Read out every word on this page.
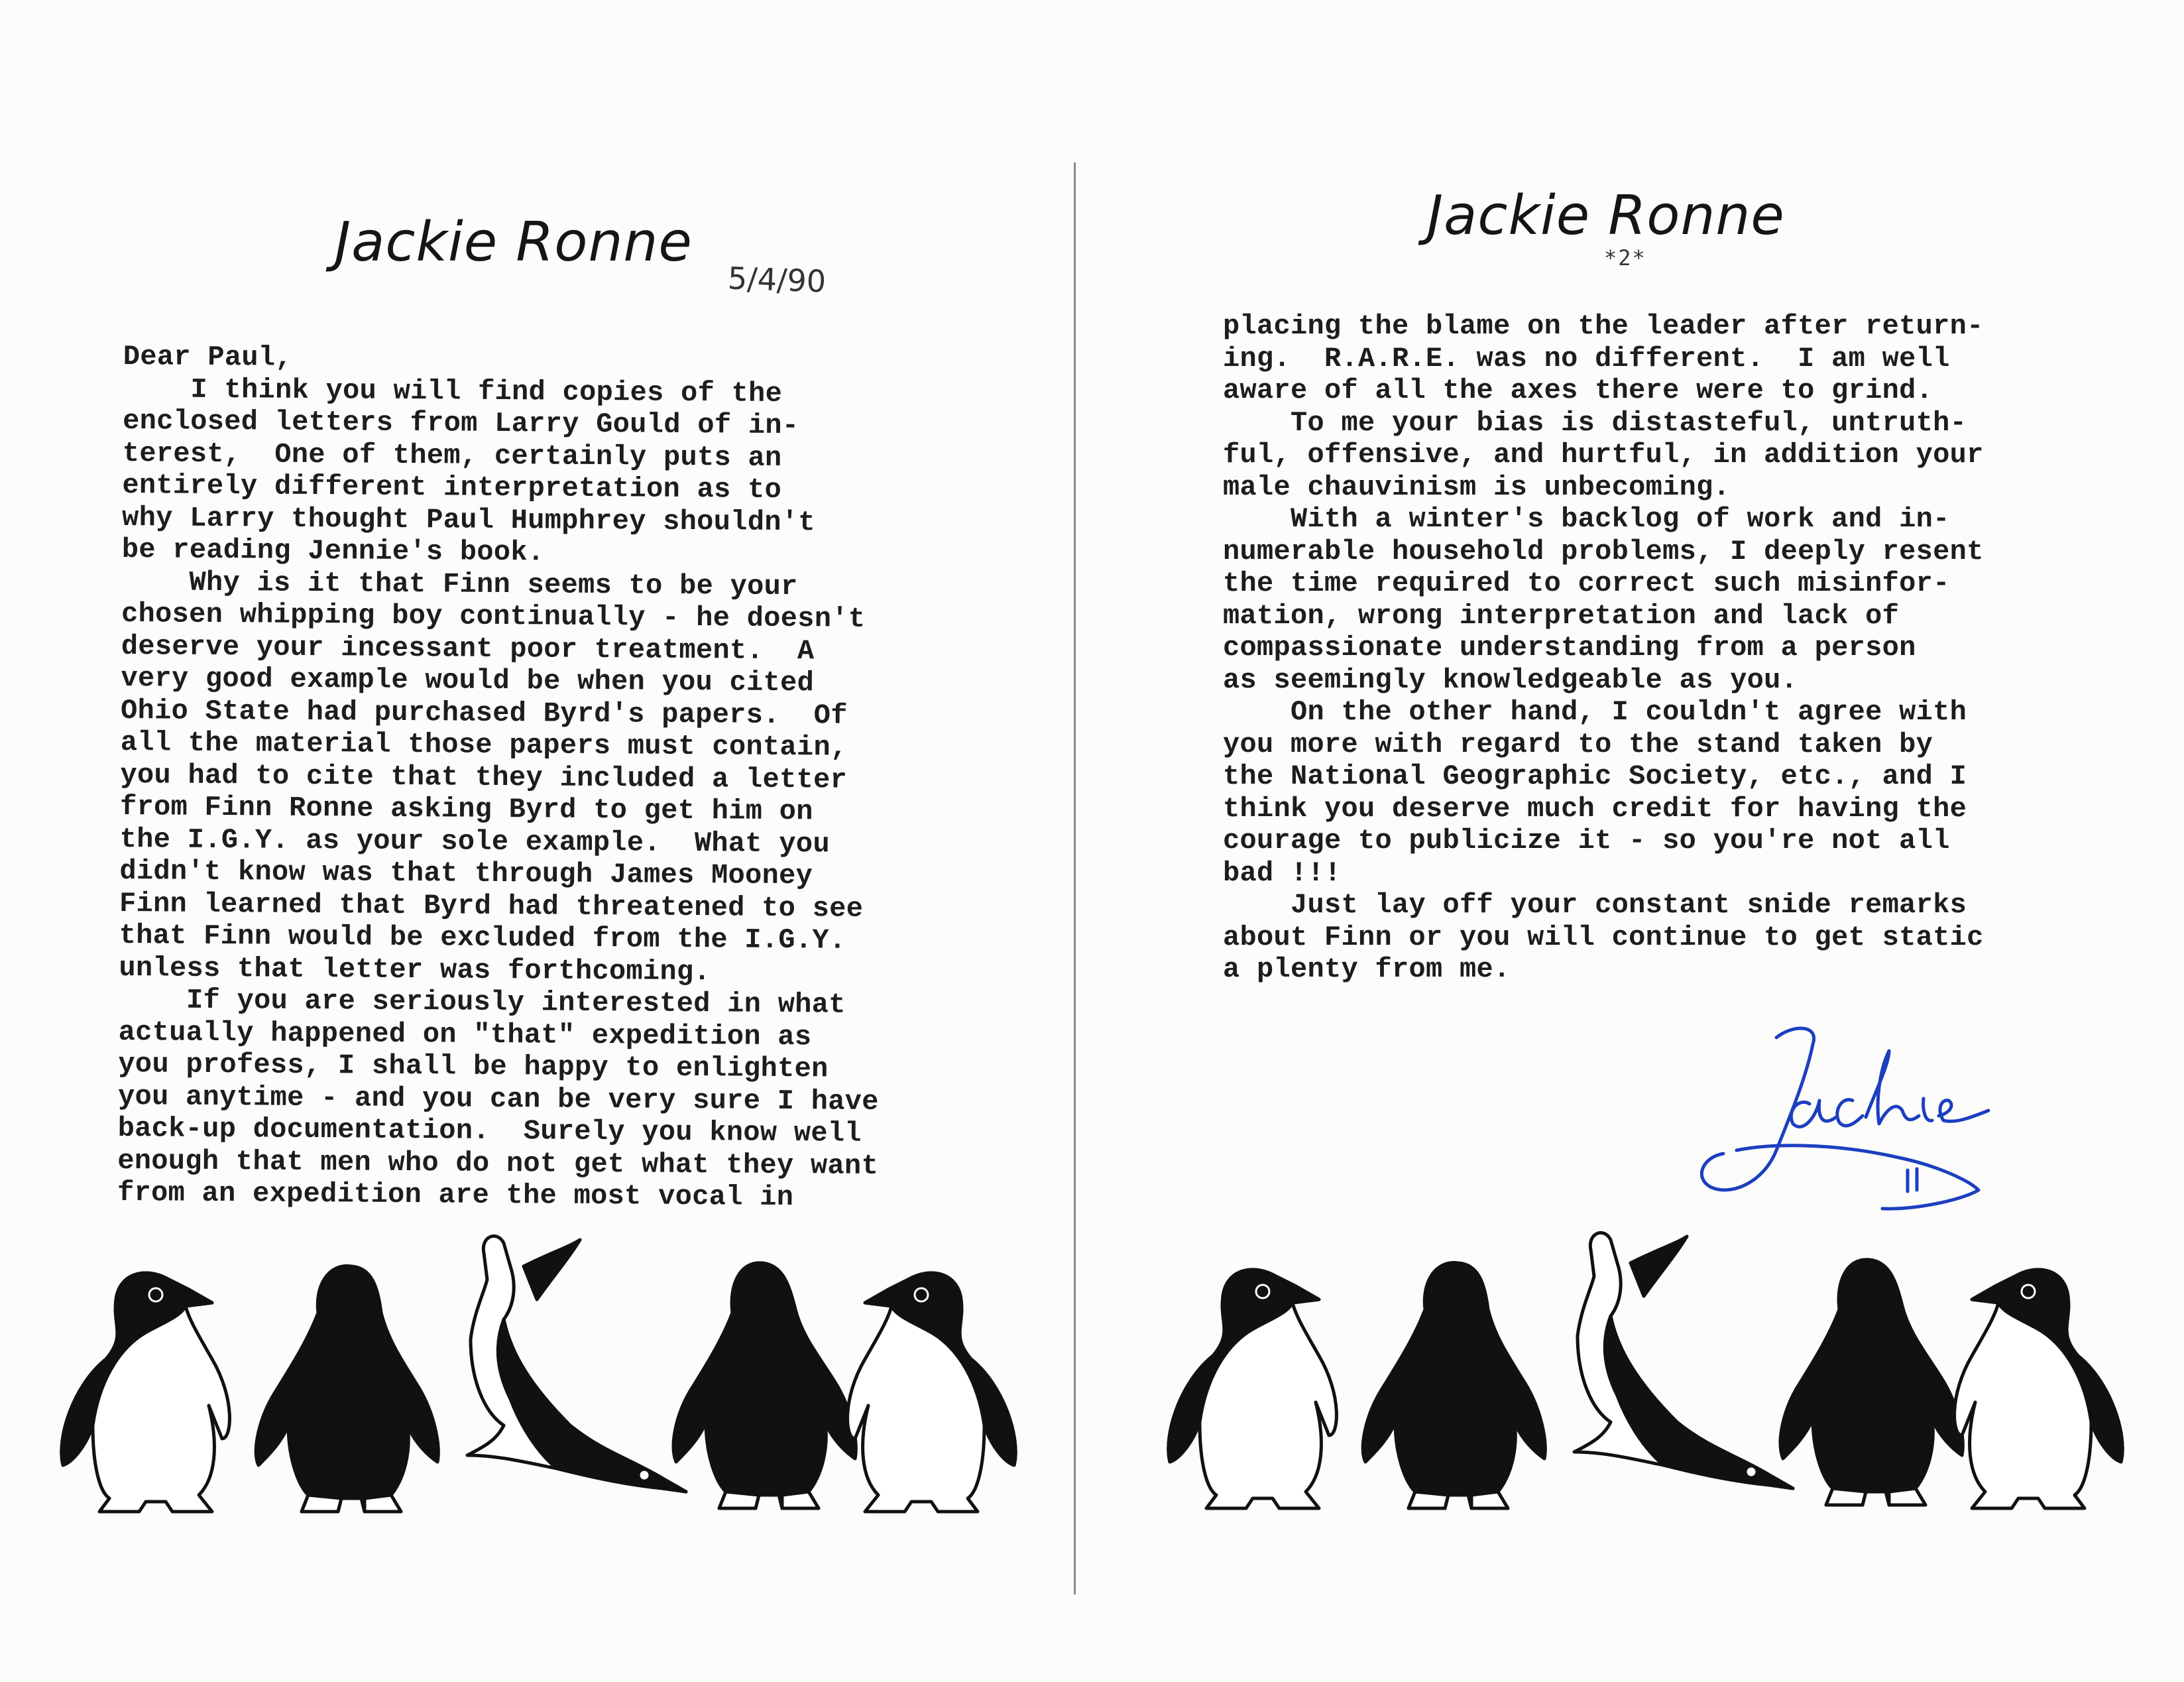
Jackie Ronne
5/4/90
Dear Paul,
I think you will find copies of the
enclosed letters from Larry Gould of in-
terest,  One of them, certainly puts an
entirely different interpretation as to
why Larry thought Paul Humphrey shouldn't
be reading Jennie's book.
Why is it that Finn seems to be your
chosen whipping boy continually - he doesn't
deserve your incessant poor treatment.  A
very good example would be when you cited
Ohio State had purchased Byrd's papers.  Of
all the material those papers must contain,
you had to cite that they included a letter
from Finn Ronne asking Byrd to get him on
the I.G.Y. as your sole example.  What you
didn't know was that through James Mooney
Finn learned that Byrd had threatened to see
that Finn would be excluded from the I.G.Y.
unless that letter was forthcoming.
If you are seriously interested in what
actually happened on "that" expedition as
you profess, I shall be happy to enlighten
you anytime - and you can be very sure I have
back-up documentation.  Surely you know well
enough that men who do not get what they want
from an expedition are the most vocal in
Jackie Ronne
*2*
placing the blame on the leader after return-
ing.  R.A.R.E. was no different.  I am well
aware of all the axes there were to grind.
To me your bias is distasteful, untruth-
ful, offensive, and hurtful, in addition your
male chauvinism is unbecoming.
With a winter's backlog of work and in-
numerable household problems, I deeply resent
the time required to correct such misinfor-
mation, wrong interpretation and lack of
compassionate understanding from a person
as seemingly knowledgeable as you.
On the other hand, I couldn't agree with
you more with regard to the stand taken by
the National Geographic Society, etc., and I
think you deserve much credit for having the
courage to publicize it - so you're not all
bad !!!
Just lay off your constant snide remarks
about Finn or you will continue to get static
a plenty from me.
